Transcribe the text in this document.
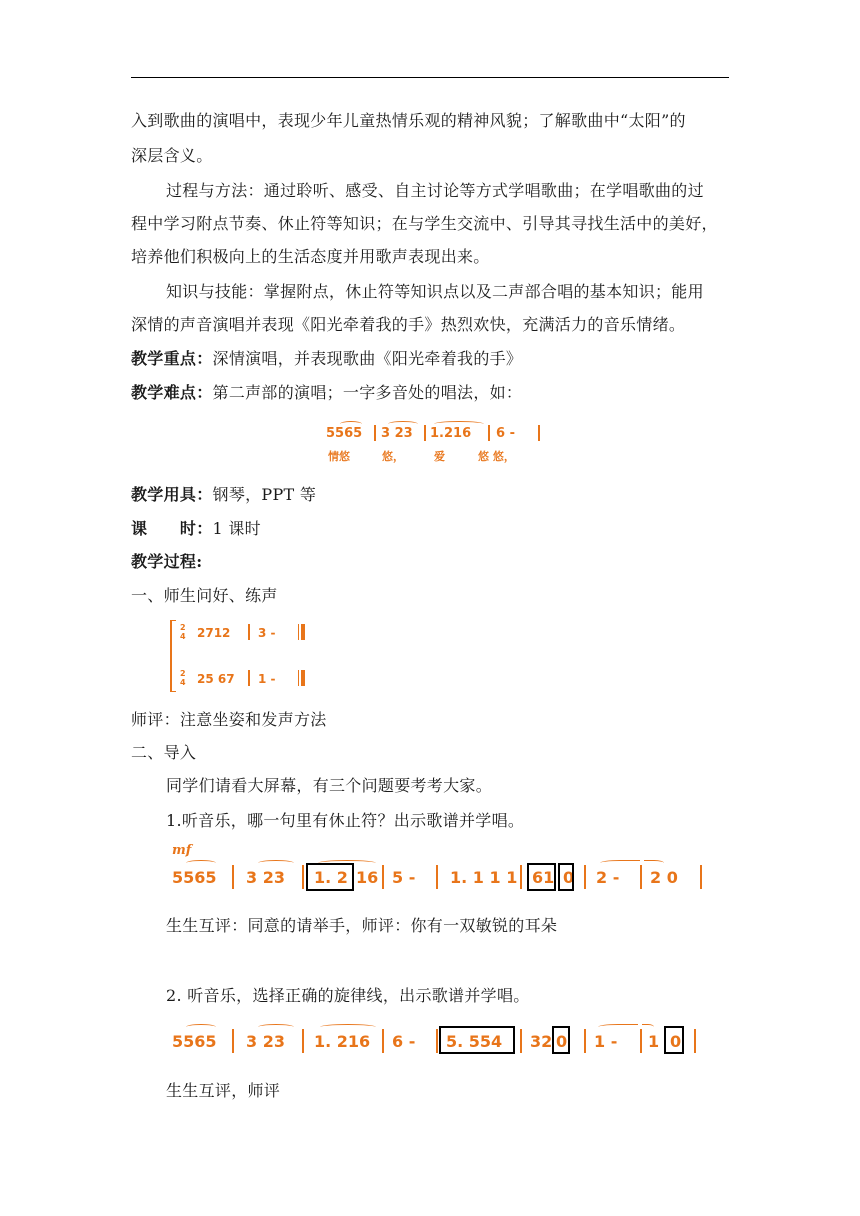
入到歌曲的演唱中，表现少年儿童热情乐观的精神风貌；了解歌曲中“太阳”的
深层含义。
过程与方法：通过聆听、感受、自主讨论等方式学唱歌曲；在学唱歌曲的过
程中学习附点节奏、休止符等知识；在与学生交流中、引导其寻找生活中的美好，
培养他们积极向上的生活态度并用歌声表现出来。
知识与技能：掌握附点，休止符等知识点以及二声部合唱的基本知识；能用
深情的声音演唱并表现《阳光牵着我的手》热烈欢快，充满活力的音乐情绪。
教学重点：深情演唱，并表现歌曲《阳光牵着我的手》
教学难点：第二声部的演唱；一字多音处的唱法，如：
5565 3 23 1.216 6 -
情悠	悠，	爱	悠 悠，
教学用具：钢琴，PPT 等
课　　时：1 课时
教学过程:
一、师生问好、练声
2
4 2712 3 -
2
4 25 67 1 -
师评：注意坐姿和发声方法
二、导入
同学们请看大屏幕，有三个问题要考考大家。
1.听音乐，哪一句里有休止符？出示歌谱并学唱。
mf
5565 3 23 1. 2 16 5 - 1. 1 1 1 61 0 2 - 2 0
生生互评：同意的请举手，师评：你有一双敏锐的耳朵
2. 听音乐，选择正确的旋律线，出示歌谱并学唱。
5565 3 23 1. 216 6 - 5. 554 32 0 1 - 1 0
生生互评，师评
